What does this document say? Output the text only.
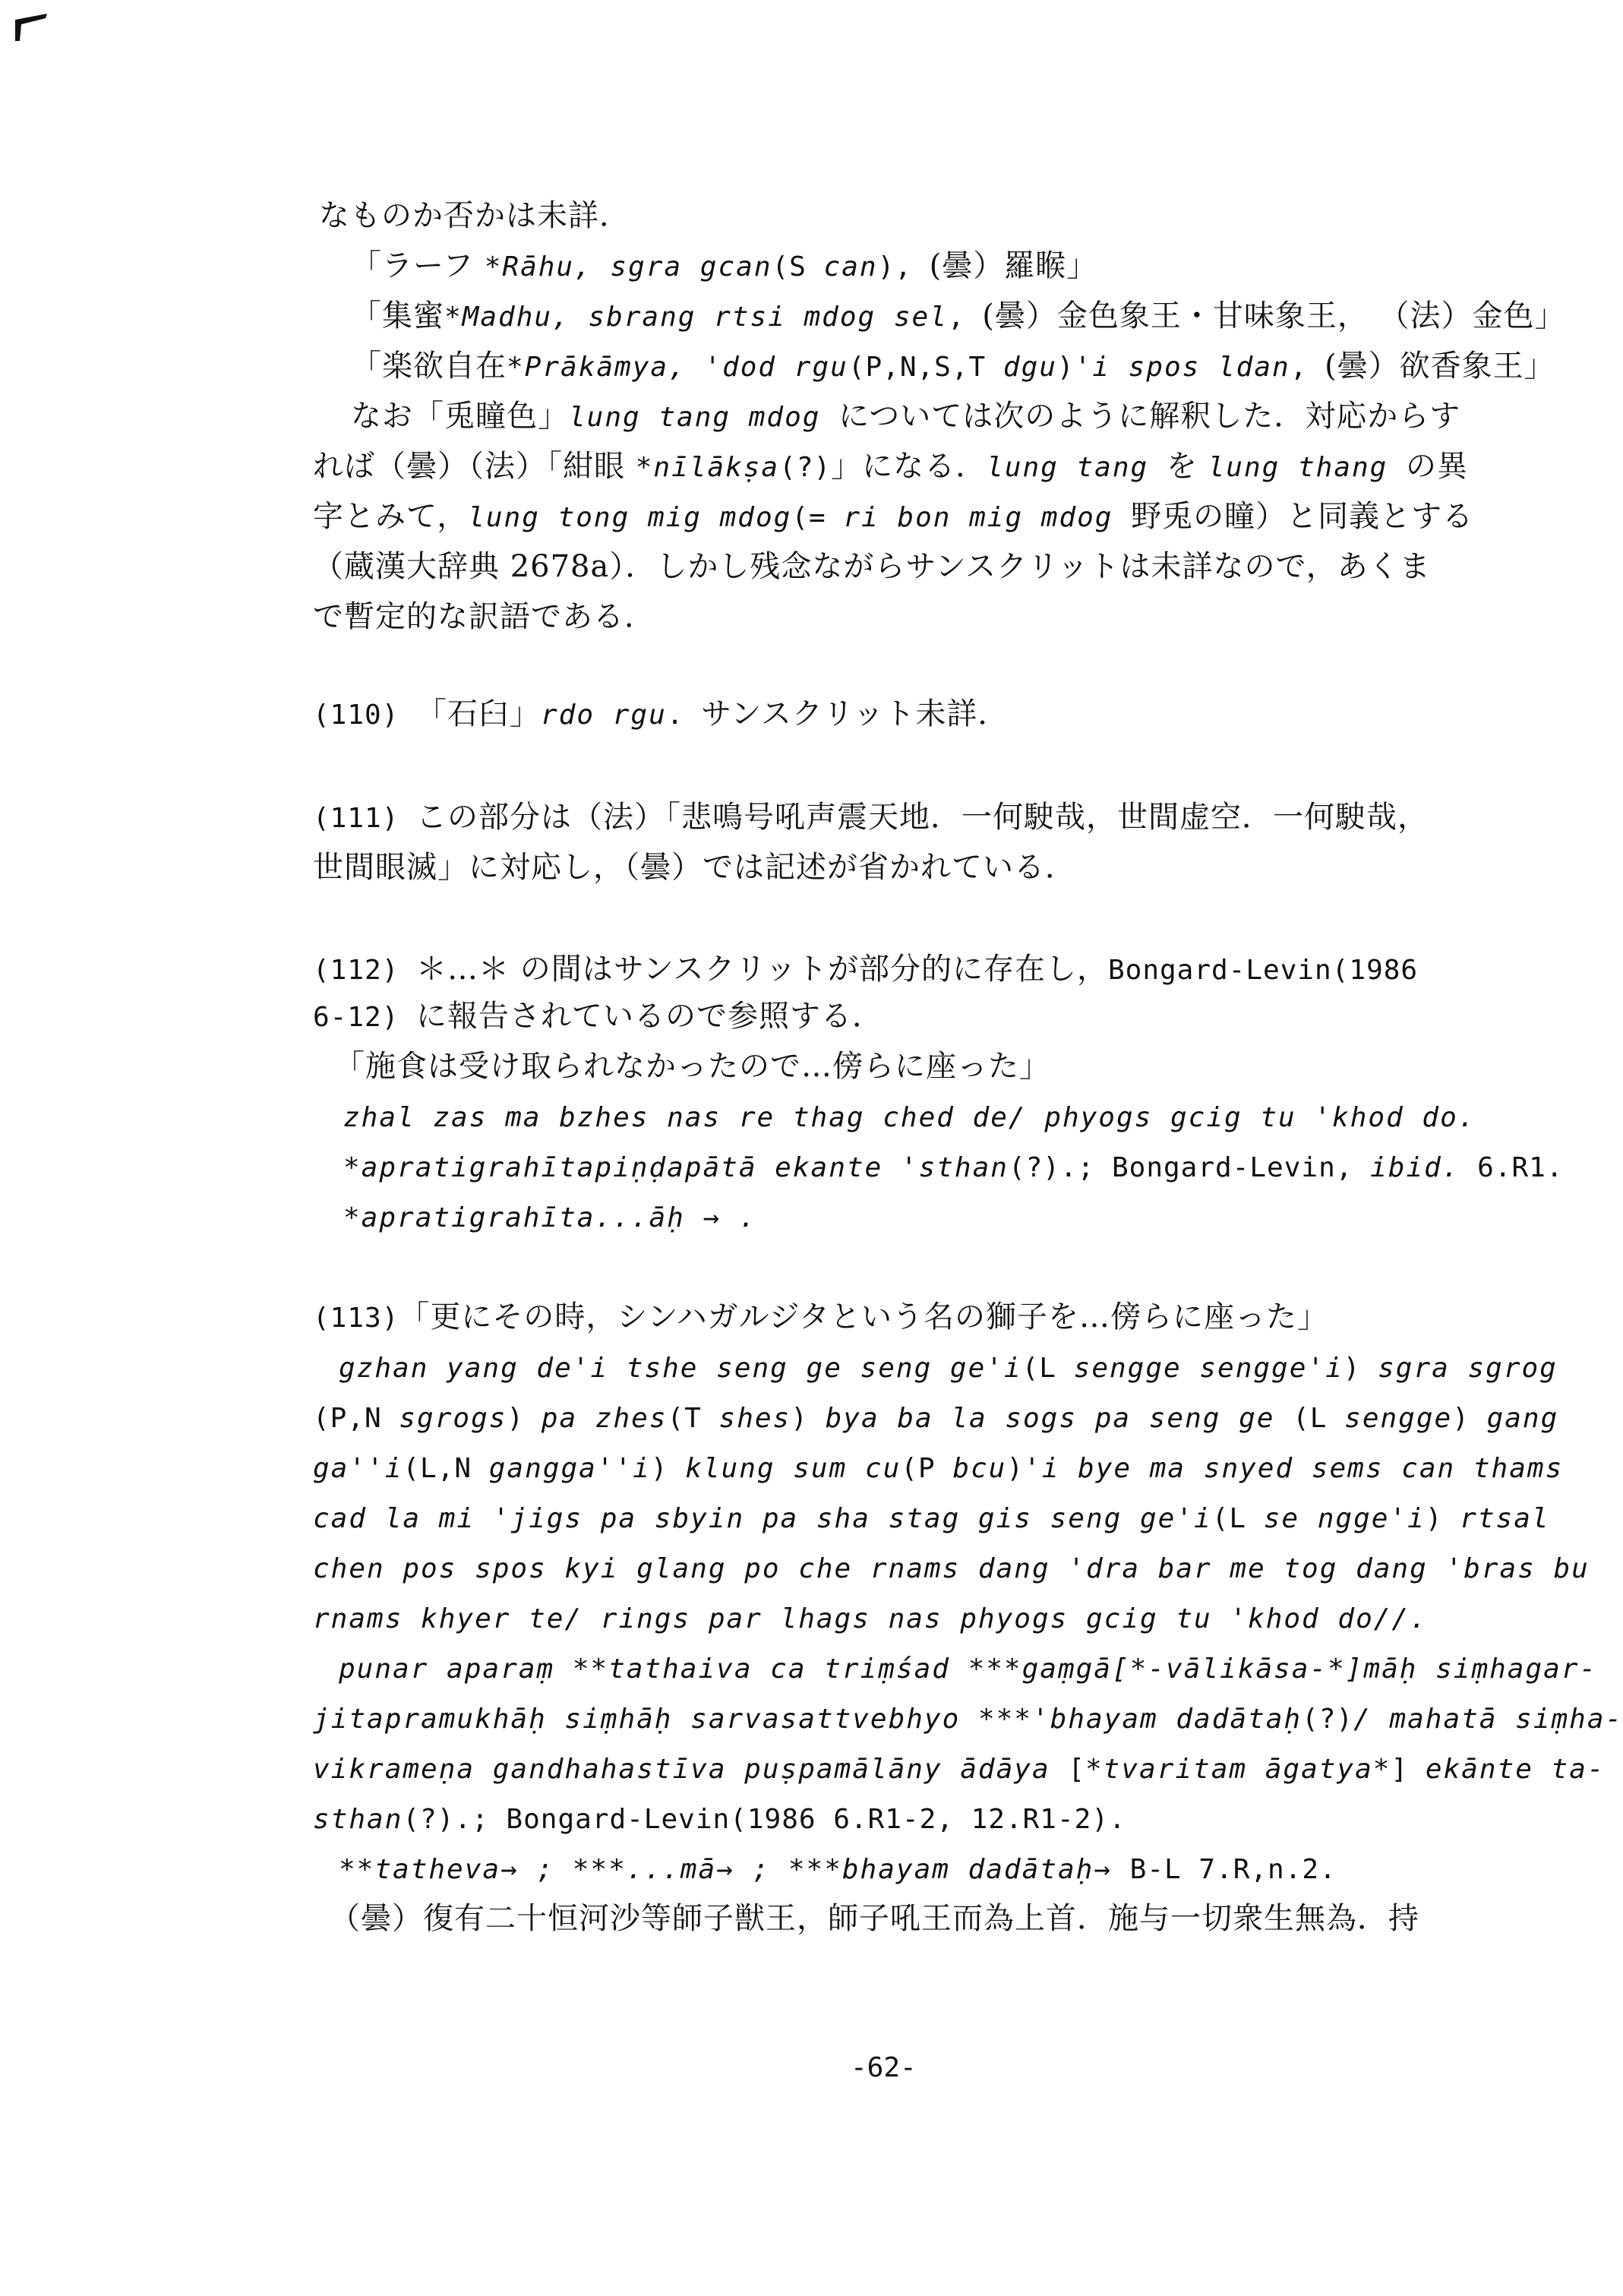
なものか否かは未詳．
「ラーフ *Rāhu, sgra gcan(S can), (曇）羅睺」
「集蜜*Madhu, sbrang rtsi mdog sel, (曇）金色象王・甘味象王， （法）金色」
「楽欲自在*Prākāmya, 'dod rgu(P,N,S,T dgu)'i spos ldan, (曇）欲香象王」
なお「兎瞳色」lung tang mdog については次のように解釈した．対応からす
れば（曇）（法）「紺眼 *nīlākṣa(?)」になる．lung tang を lung thang の異
字とみて，lung tong mig mdog(= ri bon mig mdog 野兎の瞳）と同義とする
（蔵漢大辞典 2678a）．しかし残念ながらサンスクリットは未詳なので，あくま
で暫定的な訳語である．
(110) 「石臼」rdo rgu. サンスクリット未詳．
(111) この部分は（法）「悲鳴号吼声震天地．一何駛哉，世間虚空．一何駛哉，
世間眼滅」に対応し，（曇）では記述が省かれている．
(112) ＊…＊ の間はサンスクリットが部分的に存在し，Bongard-Levin(1986
6-12) に報告されているので参照する．
「施食は受け取られなかったので…傍らに座った」
zhal zas ma bzhes nas re thag ched de/ phyogs gcig tu 'khod do.
*apratigrahītapiṇḍapātā ekante 'sthan(?).; Bongard-Levin, ibid. 6.R1.
*apratigrahīta...āḥ → .
(113)「更にその時，シンハガルジタという名の獅子を…傍らに座った」
gzhan yang de'i tshe seng ge seng ge'i(L sengge sengge'i) sgra sgrog
(P,N sgrogs) pa zhes(T shes) bya ba la sogs pa seng ge (L sengge) gang
ga''i(L,N gangga''i) klung sum cu(P bcu)'i bye ma snyed sems can thams
cad la mi 'jigs pa sbyin pa sha stag gis seng ge'i(L se ngge'i) rtsal
chen pos spos kyi glang po che rnams dang 'dra bar me tog dang 'bras bu
rnams khyer te/ rings par lhags nas phyogs gcig tu 'khod do//.
punar aparaṃ **tathaiva ca triṃśad ***gaṃgā[*-vālikāsa-*]māḥ siṃhagar-
jitapramukhāḥ siṃhāḥ sarvasattvebhyo ***'bhayam dadātaḥ(?)/ mahatā siṃha-
vikrameṇa gandhahastīva puṣpamālāny ādāya [*tvaritam āgatya*] ekānte ta-
sthan(?).; Bongard-Levin(1986 6.R1-2, 12.R1-2).
**tatheva→ ; ***...mā→ ; ***bhayam dadātaḥ→ B-L 7.R,n.2.
（曇）復有二十恒河沙等師子獣王，師子吼王而為上首．施与一切衆生無為．持
-62-
